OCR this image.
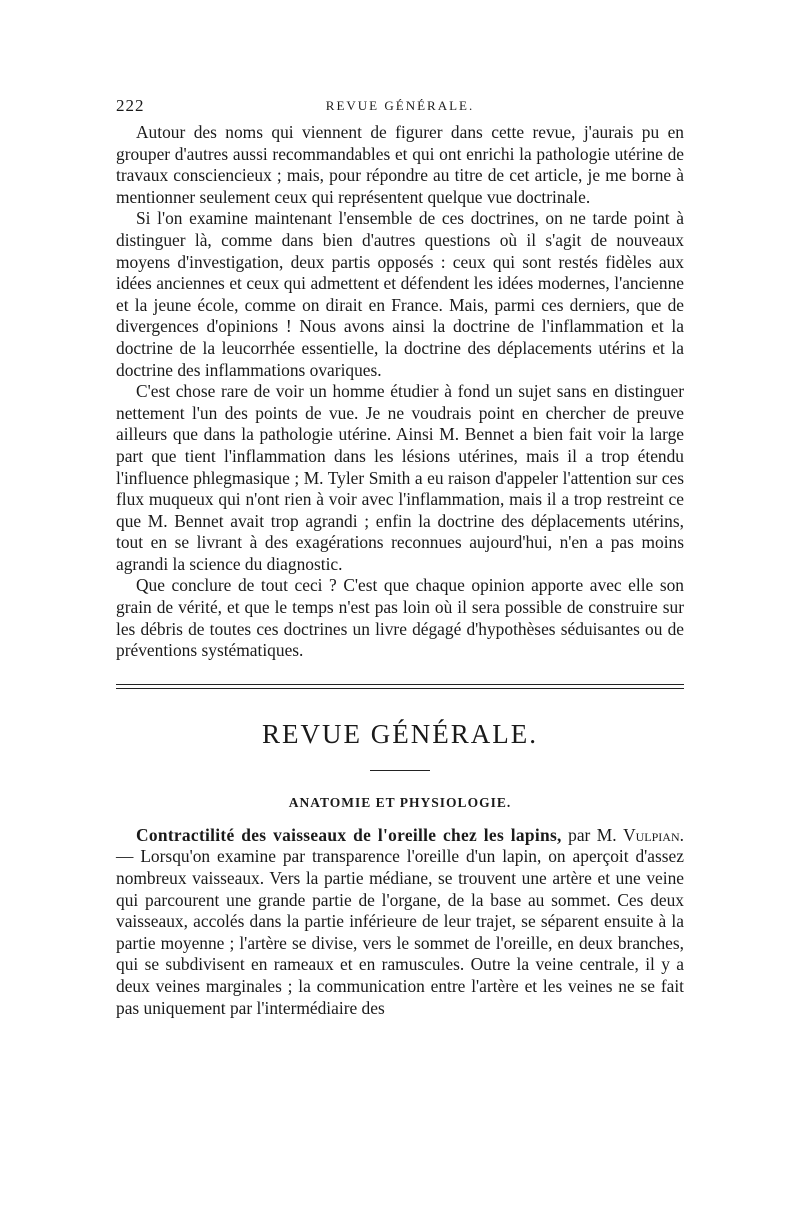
222	REVUE GÉNÉRALE.

Autour des noms qui viennent de figurer dans cette revue, j'aurais pu en grouper d'autres aussi recommandables et qui ont enrichi la pathologie utérine de travaux consciencieux ; mais, pour répondre au titre de cet article, je me borne à mentionner seulement ceux qui représentent quelque vue doctrinale.

Si l'on examine maintenant l'ensemble de ces doctrines, on ne tarde point à distinguer là, comme dans bien d'autres questions où il s'agit de nouveaux moyens d'investigation, deux partis opposés : ceux qui sont restés fidèles aux idées anciennes et ceux qui admettent et défendent les idées modernes, l'ancienne et la jeune école, comme on dirait en France. Mais, parmi ces derniers, que de divergences d'opinions ! Nous avons ainsi la doctrine de l'inflammation et la doctrine de la leucorrhée essentielle, la doctrine des déplacements utérins et la doctrine des inflammations ovariques.

C'est chose rare de voir un homme étudier à fond un sujet sans en distinguer nettement l'un des points de vue. Je ne voudrais point en chercher de preuve ailleurs que dans la pathologie utérine. Ainsi M. Bennet a bien fait voir la large part que tient l'inflammation dans les lésions utérines, mais il a trop étendu l'influence phlegmasique ; M. Tyler Smith a eu raison d'appeler l'attention sur ces flux muqueux qui n'ont rien à voir avec l'inflammation, mais il a trop restreint ce que M. Bennet avait trop agrandi ; enfin la doctrine des déplacements utérins, tout en se livrant à des exagérations reconnues aujourd'hui, n'en a pas moins agrandi la science du diagnostic.

Que conclure de tout ceci ? C'est que chaque opinion apporte avec elle son grain de vérité, et que le temps n'est pas loin où il sera possible de construire sur les débris de toutes ces doctrines un livre dégagé d'hypothèses séduisantes ou de préventions systématiques.

REVUE GÉNÉRALE.
ANATOMIE ET PHYSIOLOGIE.

Contractilité des vaisseaux de l'oreille chez les lapins, par M. Vulpian. — Lorsqu'on examine par transparence l'oreille d'un lapin, on aperçoit d'assez nombreux vaisseaux. Vers la partie médiane, se trouvent une artère et une veine qui parcourent une grande partie de l'organe, de la base au sommet. Ces deux vaisseaux, accolés dans la partie inférieure de leur trajet, se séparent ensuite à la partie moyenne ; l'artère se divise, vers le sommet de l'oreille, en deux branches, qui se subdivisent en rameaux et en ramuscules. Outre la veine centrale, il y a deux veines marginales ; la communication entre l'artère et les veines ne se fait pas uniquement par l'intermédiaire des
